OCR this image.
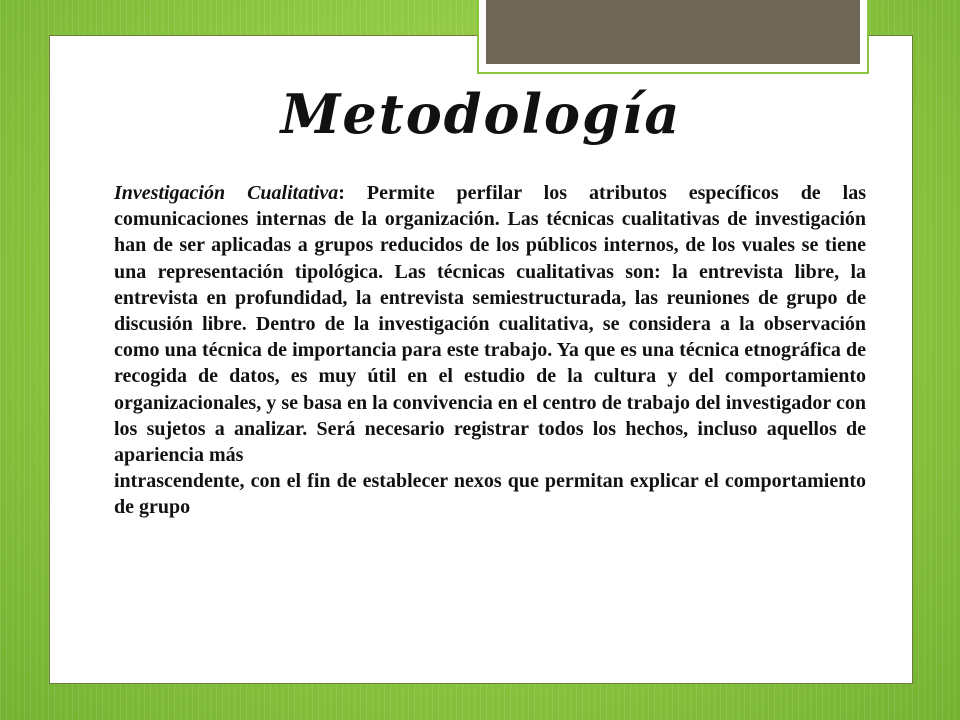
Metodología

Investigación Cualitativa: Permite perfilar los atributos específicos de las comunicaciones internas de la organización. Las técnicas cualitativas de investigación han de ser aplicadas a grupos reducidos de los públicos internos, de los vuales se tiene una representación tipológica. Las técnicas cualitativas son: la entrevista libre, la entrevista en profundidad, la entrevista semiestructurada, las reuniones de grupo de discusión libre. Dentro de la investigación cualitativa, se considera a la observación como una técnica de importancia para este trabajo. Ya que es una técnica etnográfica de recogida de datos, es muy útil en el estudio de la cultura y del comportamiento organizacionales, y se basa en la convivencia en el centro de trabajo del investigador con los sujetos a analizar. Será necesario registrar todos los hechos, incluso aquellos de apariencia más

intrascendente, con el fin de establecer nexos que permitan explicar el comportamiento de grupo
